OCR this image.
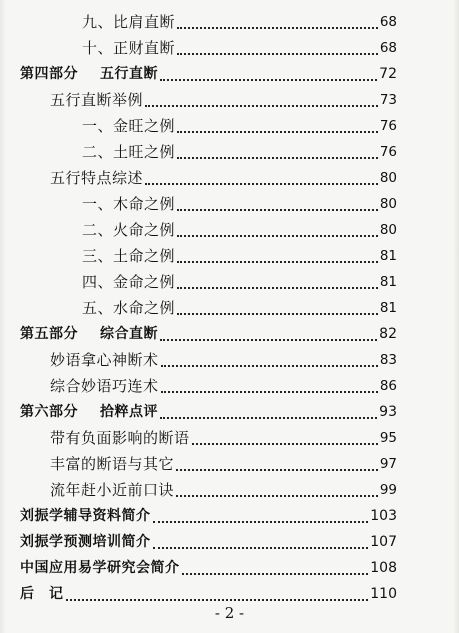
九、比肩直断	68
十、正财直断	68
第四部分 五行直断	72
五行直断举例	73
一、金旺之例	76
二、土旺之例	76
五行特点综述	80
一、木命之例	80
二、火命之例	80
三、土命之例	81
四、金命之例	81
五、水命之例	81
第五部分 综合直断	82
妙语拿心神断术	83
综合妙语巧连术	86
第六部分 拾粹点评	93
带有负面影响的断语	95
丰富的断语与其它	97
流年赶小近前口诀	99
刘振学辅导资料简介	103
刘振学预测培训简介	107
中国应用易学研究会简介	108
后　记	110
- 2 -
